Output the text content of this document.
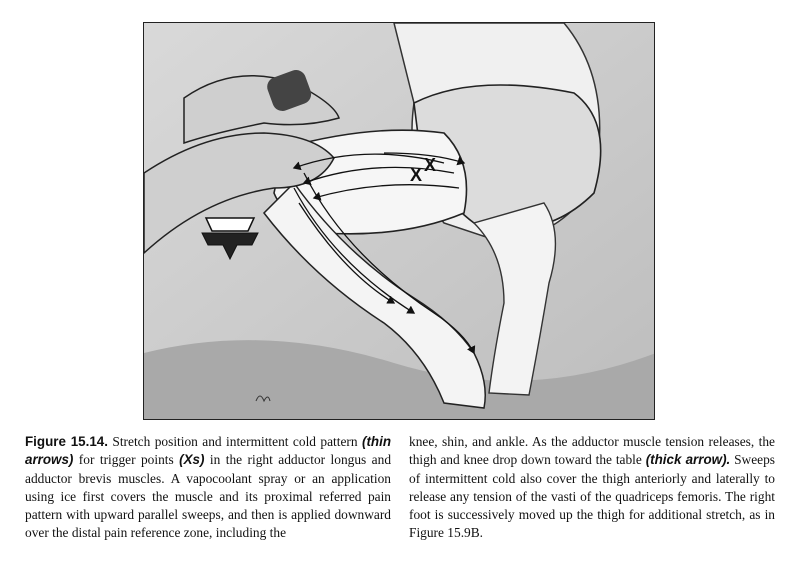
X X
Figure 15.14. Stretch position and intermittent cold pattern (thin arrows) for trigger points (Xs) in the right adductor longus and adductor brevis muscles. A vapocoolant spray or an application using ice first covers the muscle and its proximal referred pain pattern with upward parallel sweeps, and then is applied downward over the distal pain reference zone, including the
knee, shin, and ankle. As the adductor muscle tension releases, the thigh and knee drop down toward the table (thick arrow). Sweeps of intermittent cold also cover the thigh anteriorly and laterally to release any tension of the vasti of the quadriceps femoris. The right foot is successively moved up the thigh for additional stretch, as in Figure 15.9B.
